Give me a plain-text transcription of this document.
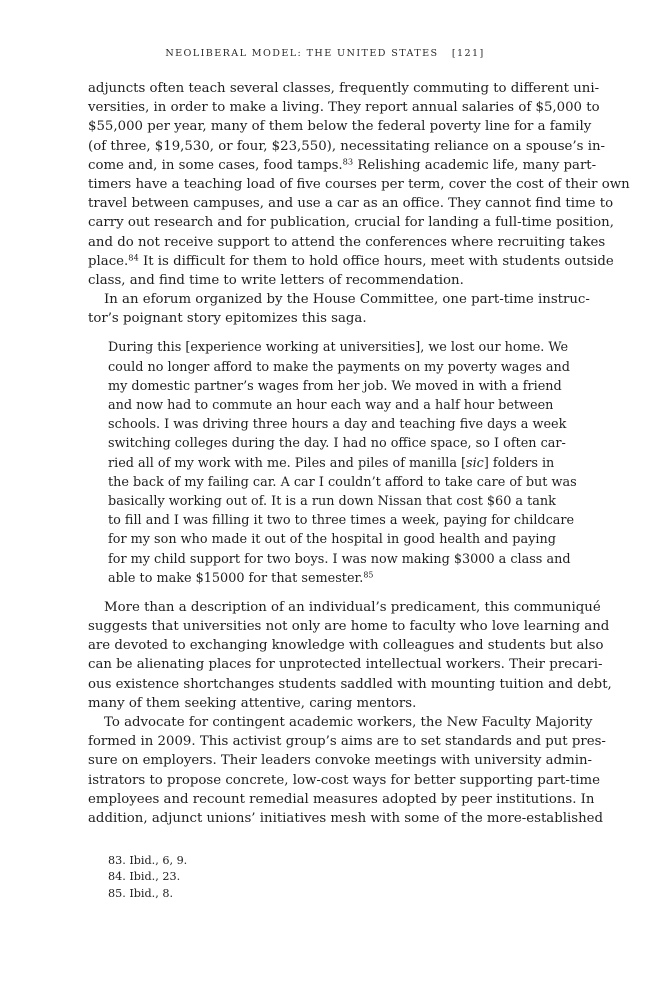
NEOLIBERAL MODEL: THE UNITED STATES   [121]
adjuncts often teach several classes, frequently commuting to different uni-
versities, in order to make a living. They report annual salaries of $5,000 to
$55,000 per year, many of them below the federal poverty line for a family
(of three, $19,530, or four, $23,550), necessitating reliance on a spouse’s in-
come and, in some cases, food tamps.$^{83}$ Relishing academic life, many part-
timers have a teaching load of five courses per term, cover the cost of their own
travel between campuses, and use a car as an office. They cannot find time to
carry out research and for publication, crucial for landing a full-time position,
and do not receive support to attend the conferences where recruiting takes
place.$^{84}$ It is difficult for them to hold office hours, meet with students outside
class, and find time to write letters of recommendation.
In an eforum organized by the House Committee, one part-time instruc-
tor’s poignant story epitomizes this saga.
During this [experience working at universities], we lost our home. We
could no longer afford to make the payments on my poverty wages and
my domestic partner’s wages from her job. We moved in with a friend
and now had to commute an hour each way and a half hour between
schools. I was driving three hours a day and teaching five days a week
switching colleges during the day. I had no office space, so I often car-
ried all of my work with me. Piles and piles of manilla [sic] folders in
the back of my failing car. A car I couldn’t afford to take care of but was
basically working out of. It is a run down Nissan that cost $60 a tank
to fill and I was filling it two to three times a week, paying for childcare
for my son who made it out of the hospital in good health and paying
for my child support for two boys. I was now making $3000 a class and
able to make $15000 for that semester.$^{85}$
More than a description of an individual’s predicament, this communiqué
suggests that universities not only are home to faculty who love learning and
are devoted to exchanging knowledge with colleagues and students but also
can be alienating places for unprotected intellectual workers. Their precari-
ous existence shortchanges students saddled with mounting tuition and debt,
many of them seeking attentive, caring mentors.
To advocate for contingent academic workers, the New Faculty Majority
formed in 2009. This activist group’s aims are to set standards and put pres-
sure on employers. Their leaders convoke meetings with university admin-
istrators to propose concrete, low-cost ways for better supporting part-time
employees and recount remedial measures adopted by peer institutions. In
addition, adjunct unions’ initiatives mesh with some of the more-established
83. Ibid., 6, 9.
84. Ibid., 23.
85. Ibid., 8.
